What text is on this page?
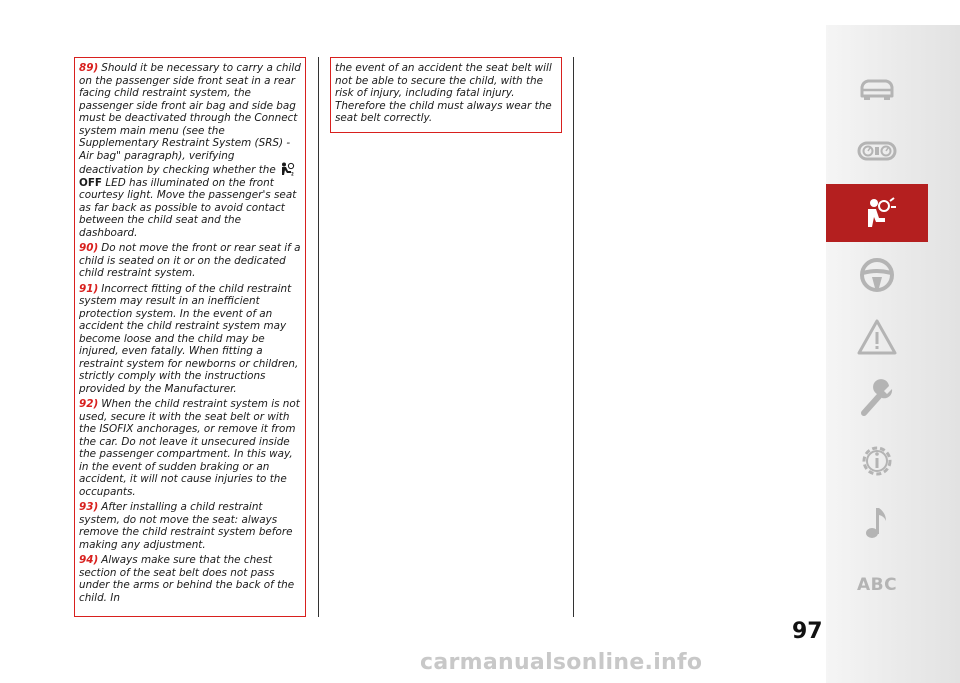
89) Should it be necessary to carry a child on the passenger side front seat in a rear facing child restraint system, the passenger side front air bag and side bag must be deactivated through the Connect system main menu (see the Supplementary Restraint System (SRS) - Air bag" paragraph), verifying deactivation by checking whether the	2
OFF LED has illuminated on the front courtesy light. Move the passenger's seat as far back as possible to avoid contact between the child seat and the dashboard.

90) Do not move the front or rear seat if a child is seated on it or on the dedicated child restraint system.

91) Incorrect fitting of the child restraint system may result in an inefficient protection system. In the event of an accident the child restraint system may become loose and the child may be injured, even fatally. When fitting a restraint system for newborns or children, strictly comply with the instructions provided by the Manufacturer.

92) When the child restraint system is not used, secure it with the seat belt or with the ISOFIX anchorages, or remove it from the car. Do not leave it unsecured inside the passenger compartment. In this way, in the event of sudden braking or an accident, it will not cause injuries to the occupants.

93) After installing a child restraint system, do not move the seat: always remove the child restraint system before making any adjustment.

94) Always make sure that the chest section of the seat belt does not pass under the arms or behind the back of the child. In

the event of an accident the seat belt will not be able to secure the child, with the risk of injury, including fatal injury. Therefore the child must always wear the seat belt correctly.

ABC
97
carmanualsonline.info
